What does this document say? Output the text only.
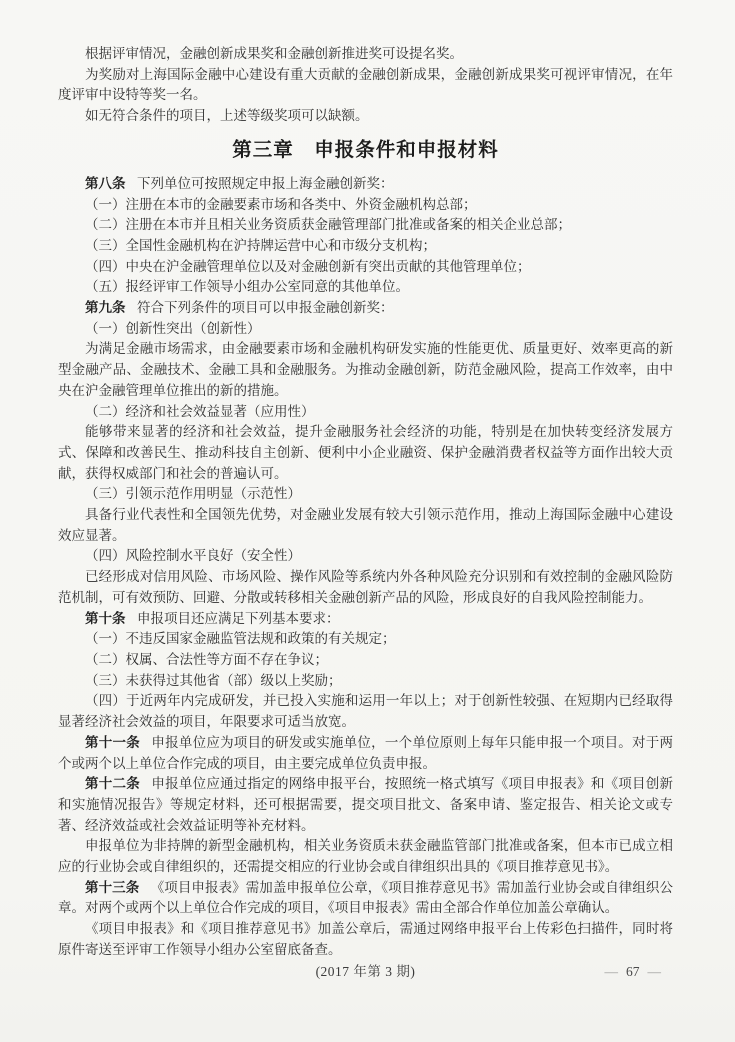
根据评审情况，金融创新成果奖和金融创新推进奖可设提名奖。

为奖励对上海国际金融中心建设有重大贡献的金融创新成果，金融创新成果奖可视评审情况，在年度评审中设特等奖一名。

如无符合条件的项目，上述等级奖项可以缺额。

第三章　申报条件和申报材料

第八条 下列单位可按照规定申报上海金融创新奖：

（一）注册在本市的金融要素市场和各类中、外资金融机构总部；

（二）注册在本市并且相关业务资质获金融管理部门批准或备案的相关企业总部；

（三）全国性金融机构在沪持牌运营中心和市级分支机构；

（四）中央在沪金融管理单位以及对金融创新有突出贡献的其他管理单位；

（五）报经评审工作领导小组办公室同意的其他单位。

第九条 符合下列条件的项目可以申报金融创新奖：

（一）创新性突出（创新性）

为满足金融市场需求，由金融要素市场和金融机构研发实施的性能更优、质量更好、效率更高的新型金融产品、金融技术、金融工具和金融服务。为推动金融创新，防范金融风险，提高工作效率，由中央在沪金融管理单位推出的新的措施。

（二）经济和社会效益显著（应用性）

能够带来显著的经济和社会效益，提升金融服务社会经济的功能，特别是在加快转变经济发展方式、保障和改善民生、推动科技自主创新、便利中小企业融资、保护金融消费者权益等方面作出较大贡献，获得权威部门和社会的普遍认可。

（三）引领示范作用明显（示范性）

具备行业代表性和全国领先优势，对金融业发展有较大引领示范作用，推动上海国际金融中心建设效应显著。

（四）风险控制水平良好（安全性）

已经形成对信用风险、市场风险、操作风险等系统内外各种风险充分识别和有效控制的金融风险防范机制，可有效预防、回避、分散或转移相关金融创新产品的风险，形成良好的自我风险控制能力。

第十条 申报项目还应满足下列基本要求：

（一）不违反国家金融监管法规和政策的有关规定；

（二）权属、合法性等方面不存在争议；

（三）未获得过其他省（部）级以上奖励；

（四）于近两年内完成研发，并已投入实施和运用一年以上；对于创新性较强、在短期内已经取得显著经济社会效益的项目，年限要求可适当放宽。

第十一条 申报单位应为项目的研发或实施单位，一个单位原则上每年只能申报一个项目。对于两个或两个以上单位合作完成的项目，由主要完成单位负责申报。

第十二条 申报单位应通过指定的网络申报平台，按照统一格式填写《项目申报表》和《项目创新和实施情况报告》等规定材料，还可根据需要，提交项目批文、备案申请、鉴定报告、相关论文或专著、经济效益或社会效益证明等补充材料。

申报单位为非持牌的新型金融机构，相关业务资质未获金融监管部门批准或备案，但本市已成立相应的行业协会或自律组织的，还需提交相应的行业协会或自律组织出具的《项目推荐意见书》。

第十三条 《项目申报表》需加盖申报单位公章，《项目推荐意见书》需加盖行业协会或自律组织公章。对两个或两个以上单位合作完成的项目，《项目申报表》需由全部合作单位加盖公章确认。

《项目申报表》和《项目推荐意见书》加盖公章后，需通过网络申报平台上传彩色扫描件，同时将原件寄送至评审工作领导小组办公室留底备查。

(2017 年第 3 期)	— 67 —
